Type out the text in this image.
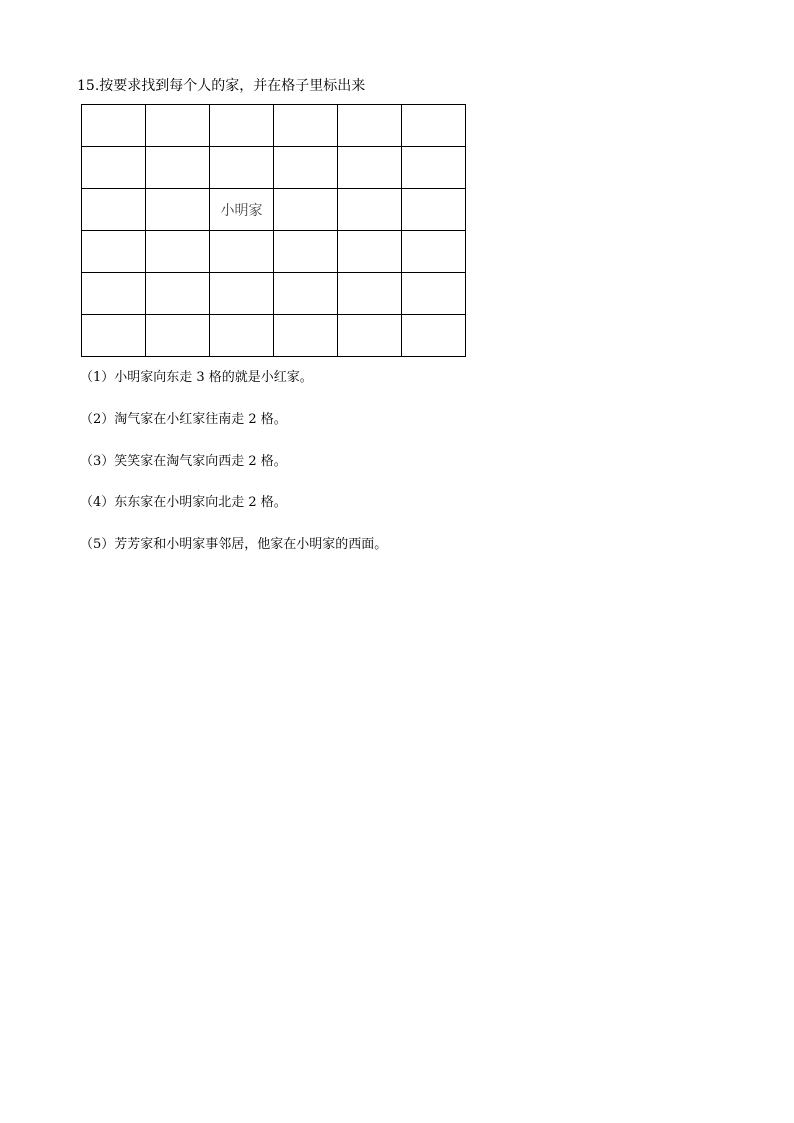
15.按要求找到每个人的家，并在格子里标出来

		小明家			

（1）小明家向东走 3 格的就是小红家。
（2）淘气家在小红家往南走 2 格。
（3）笑笑家在淘气家向西走 2 格。
（4）东东家在小明家向北走 2 格。
（5）芳芳家和小明家事邻居，他家在小明家的西面。
